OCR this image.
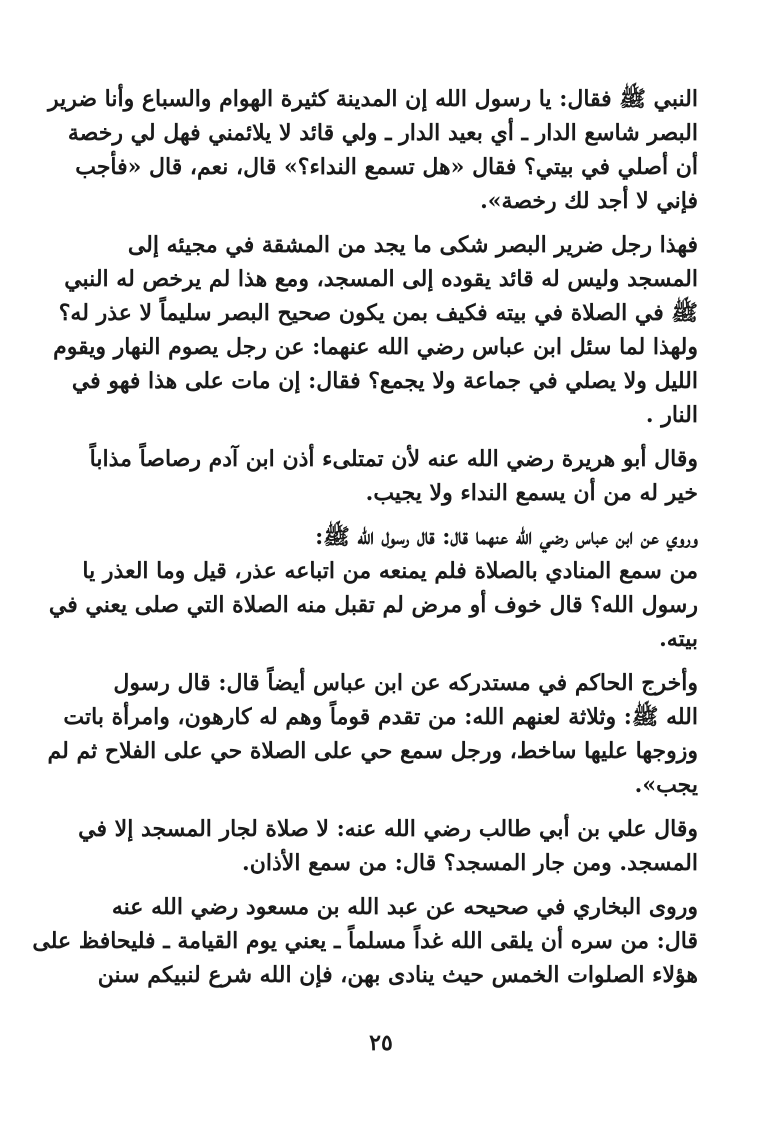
النبي ﷺ فقال: يا رسول الله إن المدينة كثيرة الهوام والسباع وأنا ضرير
البصر شاسع الدار ـ أي بعيد الدار ـ ولي قائد لا يلائمني فهل لي رخصة
أن أصلي في بيتي؟ فقال «هل تسمع النداء؟» قال، نعم، قال «فأجب
فإني لا أجد لك رخصة».
فهذا رجل ضرير البصر شكى ما يجد من المشقة في مجيئه إلى
المسجد وليس له قائد يقوده إلى المسجد، ومع هذا لم يرخص له النبي
ﷺ في الصلاة في بيته فكيف بمن يكون صحيح البصر سليماً لا عذر له؟
ولهذا لما سئل ابن عباس رضي الله عنهما: عن رجل يصوم النهار ويقوم
الليل ولا يصلي في جماعة ولا يجمع؟ فقال: إن مات على هذا فهو في
النار .
وقال أبو هريرة رضي الله عنه لأن تمتلىء أذن ابن آدم رصاصاً مذاباً
خير له من أن يسمع النداء ولا يجيب.
وروي عن ابن عباس رضي الله عنهما قال: قال رسول الله ﷺ:
من سمع المنادي بالصلاة فلم يمنعه من اتباعه عذر، قيل وما العذر يا
رسول الله؟ قال خوف أو مرض لم تقبل منه الصلاة التي صلى يعني في
بيته.
وأخرج الحاكم في مستدركه عن ابن عباس أيضاً قال: قال رسول
الله ﷺ: وثلاثة لعنهم الله: من تقدم قوماً وهم له كارهون، وامرأة باتت
وزوجها عليها ساخط، ورجل سمع حي على الصلاة حي على الفلاح ثم لم
يجب».
وقال علي بن أبي طالب رضي الله عنه: لا صلاة لجار المسجد إلا في
المسجد. ومن جار المسجد؟ قال: من سمع الأذان.
وروى البخاري في صحيحه عن عبد الله بن مسعود رضي الله عنه
قال: من سره أن يلقى الله غداً مسلماً ـ يعني يوم القيامة ـ فليحافظ على
هؤلاء الصلوات الخمس حيث ينادى بهن، فإن الله شرع لنبيكم سنن
٢٥
